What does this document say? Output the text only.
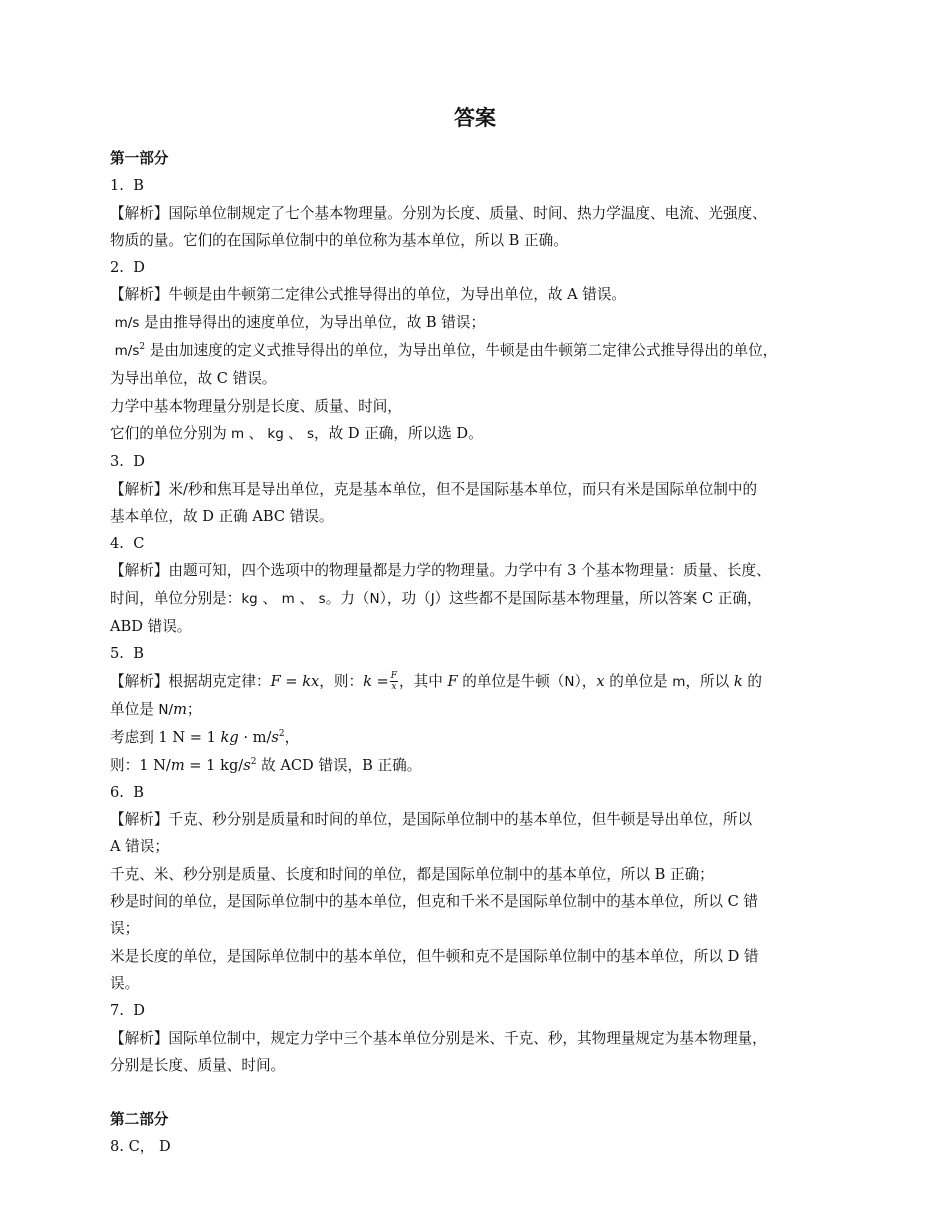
答案

第一部分

1. B

【解析】国际单位制规定了七个基本物理量。分别为长度、质量、时间、热力学温度、电流、光强度、

物质的量。它们的在国际单位制中的单位称为基本单位，所以 B 正确。

2. D

【解析】牛顿是由牛顿第二定律公式推导得出的单位，为导出单位，故 A 错误。

m/s 是由推导得出的速度单位，为导出单位，故 B 错误；

$m/s^2$ 是由加速度的定义式推导得出的单位，为导出单位，牛顿是由牛顿第二定律公式推导得出的单位，

为导出单位，故 C 错误。

力学中基本物理量分别是长度、质量、时间，

它们的单位分别为 m 、 kg 、 s，故 D 正确，所以选 D。

3. D

【解析】米/秒和焦耳是导出单位，克是基本单位，但不是国际基本单位，而只有米是国际单位制中的

基本单位，故 D 正确 ABC 错误。

4. C

【解析】由题可知，四个选项中的物理量都是力学的物理量。力学中有 3 个基本物理量：质量、长度、

时间，单位分别是：kg 、 m 、 s。力（N），功（J）这些都不是国际基本物理量，所以答案 C 正确，

ABD 错误。

5. B

【解析】根据胡克定律：F = kx，则：$k = \frac{F}{x}$ ，其中 F 的单位是牛顿（N），x 的单位是 m，所以 k 的

单位是 N/m；

考虑到 1 N = 1 kg · $m/s^2$，

则：1 N/m = 1 $kg/s^2$ 故 ACD 错误，B 正确。

6. B

【解析】千克、秒分别是质量和时间的单位，是国际单位制中的基本单位，但牛顿是导出单位，所以

A 错误；

千克、米、秒分别是质量、长度和时间的单位，都是国际单位制中的基本单位，所以 B 正确；

秒是时间的单位，是国际单位制中的基本单位，但克和千米不是国际单位制中的基本单位，所以 C 错

误；

米是长度的单位，是国际单位制中的基本单位，但牛顿和克不是国际单位制中的基本单位，所以 D 错

误。

7. D

【解析】国际单位制中，规定力学中三个基本单位分别是米、千克、秒，其物理量规定为基本物理量，

分别是长度、质量、时间。

第二部分

8. C， D
